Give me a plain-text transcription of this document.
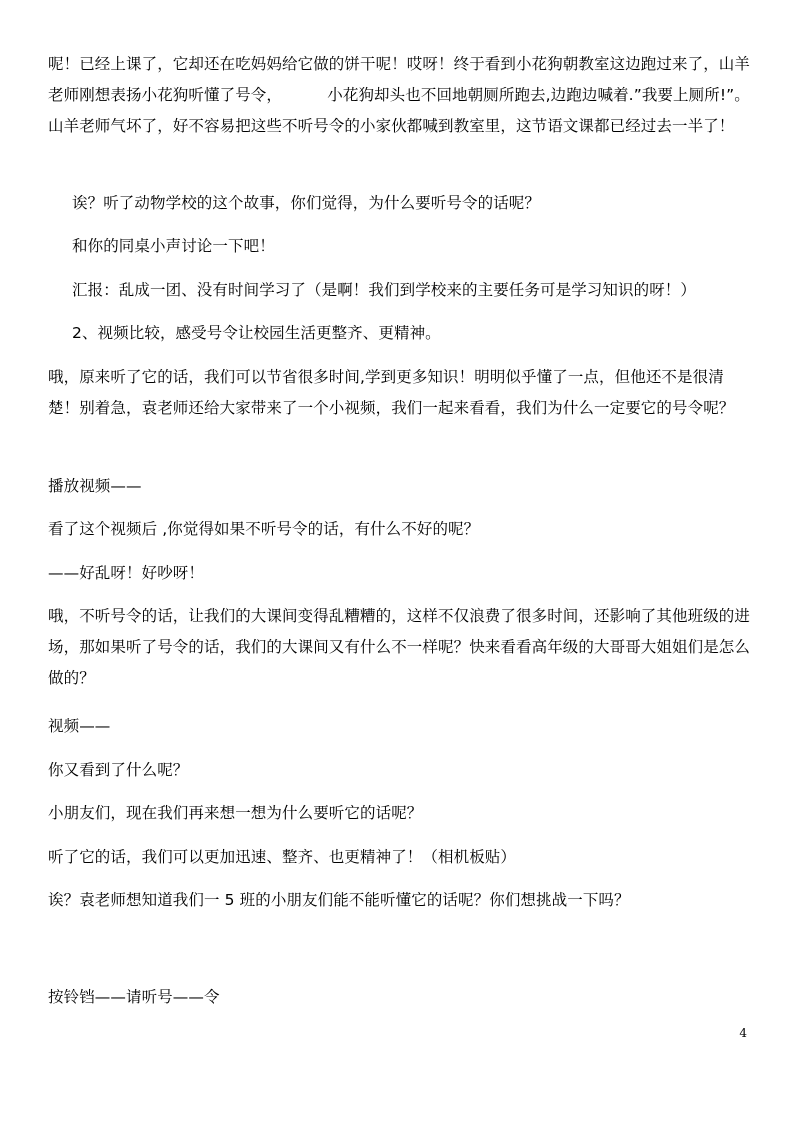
呢！已经上课了，它却还在吃妈妈给它做的饼干呢！哎呀！终于看到小花狗朝教室这边跑过来了，山羊老师刚想表扬小花狗听懂了号令，         小花狗却头也不回地朝厕所跑去,边跑边喊着.”我要上厕所!”。山羊老师气坏了，好不容易把这些不听号令的小家伙都喊到教室里，这节语文课都已经过去一半了！

诶？听了动物学校的这个故事，你们觉得，为什么要听号令的话呢？

和你的同桌小声讨论一下吧！

汇报：乱成一团、没有时间学习了（是啊！我们到学校来的主要任务可是学习知识的呀！）

2、视频比较，感受号令让校园生活更整齐、更精神。

哦，原来听了它的话，我们可以节省很多时间,学到更多知识！明明似乎懂了一点，但他还不是很清楚！别着急，袁老师还给大家带来了一个小视频，我们一起来看看，我们为什么一定要它的号令呢？

播放视频——

看了这个视频后 ,你觉得如果不听号令的话，有什么不好的呢？

——好乱呀！好吵呀！

哦，不听号令的话，让我们的大课间变得乱糟糟的，这样不仅浪费了很多时间，还影响了其他班级的进场，那如果听了号令的话，我们的大课间又有什么不一样呢？快来看看高年级的大哥哥大姐姐们是怎么做的？

视频——

你又看到了什么呢？

小朋友们，现在我们再来想一想为什么要听它的话呢？

听了它的话，我们可以更加迅速、整齐、也更精神了！（相机板贴）

诶？袁老师想知道我们一 5 班的小朋友们能不能听懂它的话呢？你们想挑战一下吗？

按铃铛——请听号——令

4
